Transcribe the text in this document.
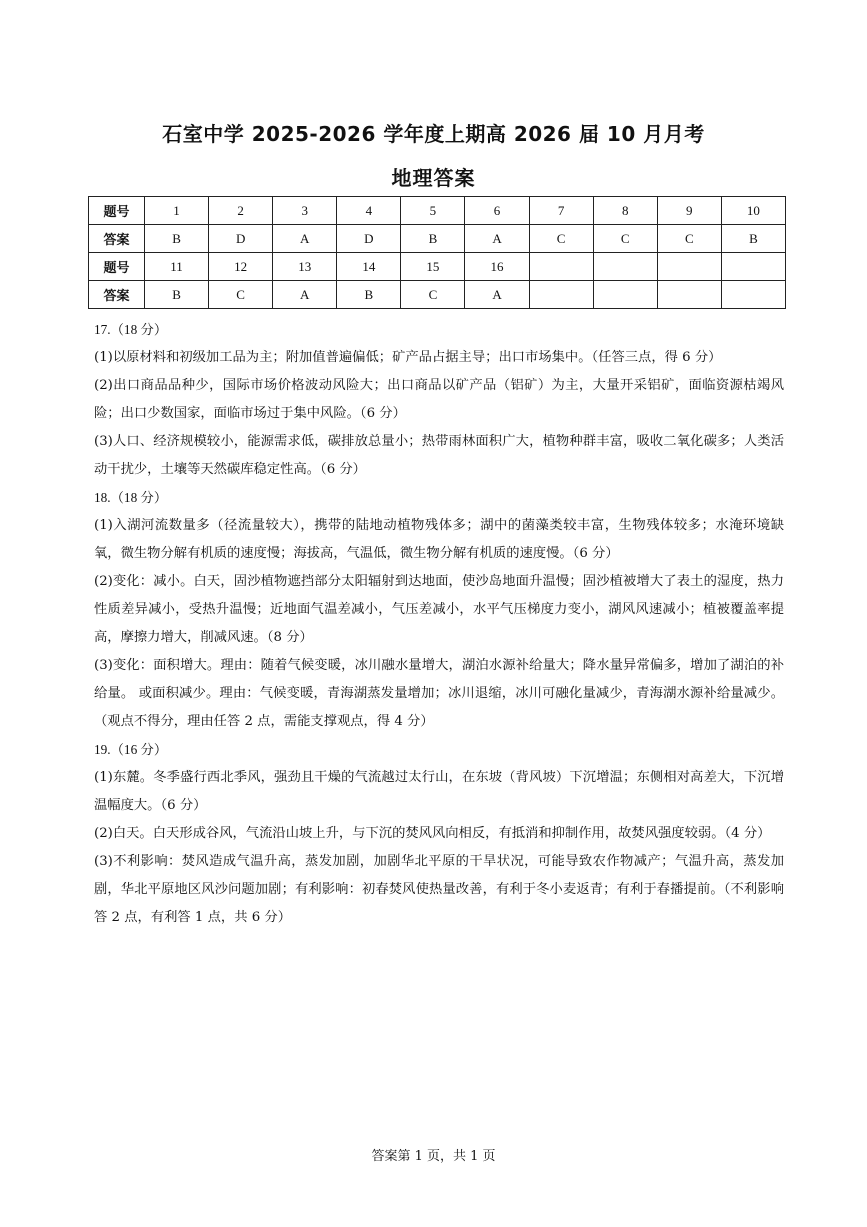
石室中学 2025-2026 学年度上期高 2026 届 10 月月考
地理答案
题号	1	2	3	4	5	6	7	8	9	10
答案	B	D	A	D	B	A	C	C	C	B
题号	11	12	13	14	15	16				
答案	B	C	A	B	C	A				

17.（18 分）

(1)以原材料和初级加工品为主；附加值普遍偏低；矿产品占据主导；出口市场集中。（任答三点，得 6 分）

(2)出口商品品种少，国际市场价格波动风险大；出口商品以矿产品（铝矿）为主，大量开采铝矿，面临资源枯竭风险；出口少数国家，面临市场过于集中风险。（6 分）

(3)人口、经济规模较小，能源需求低，碳排放总量小；热带雨林面积广大，植物种群丰富，吸收二氧化碳多；人类活动干扰少，土壤等天然碳库稳定性高。（6 分）

18.（18 分）

(1)入湖河流数量多（径流量较大），携带的陆地动植物残体多；湖中的菌藻类较丰富，生物残体较多；水淹环境缺氧，微生物分解有机质的速度慢；海拔高，气温低，微生物分解有机质的速度慢。（6 分）

(2)变化：减小。白天，固沙植物遮挡部分太阳辐射到达地面，使沙岛地面升温慢；固沙植被增大了表土的湿度，热力性质差异减小，受热升温慢；近地面气温差减小，气压差减小，水平气压梯度力变小，湖风风速减小；植被覆盖率提高，摩擦力增大，削减风速。（8 分）

(3)变化：面积增大。理由：随着气候变暖，冰川融水量增大，湖泊水源补给量大；降水量异常偏多，增加了湖泊的补给量。 或面积减少。理由：气候变暖，青海湖蒸发量增加；冰川退缩，冰川可融化量减少，青海湖水源补给量减少。（观点不得分，理由任答 2 点，需能支撑观点，得 4 分）

19.（16 分）

(1)东麓。冬季盛行西北季风，强劲且干燥的气流越过太行山，在东坡（背风坡）下沉增温；东侧相对高差大，下沉增温幅度大。（6 分）

(2)白天。白天形成谷风，气流沿山坡上升，与下沉的焚风风向相反，有抵消和抑制作用，故焚风强度较弱。（4 分）

(3)不利影响：焚风造成气温升高，蒸发加剧，加剧华北平原的干旱状况，可能导致农作物减产；气温升高，蒸发加剧，华北平原地区风沙问题加剧；有利影响：初春焚风使热量改善，有利于冬小麦返青；有利于春播提前。（不利影响答 2 点，有利答 1 点，共 6 分）

答案第 1 页，共 1 页
